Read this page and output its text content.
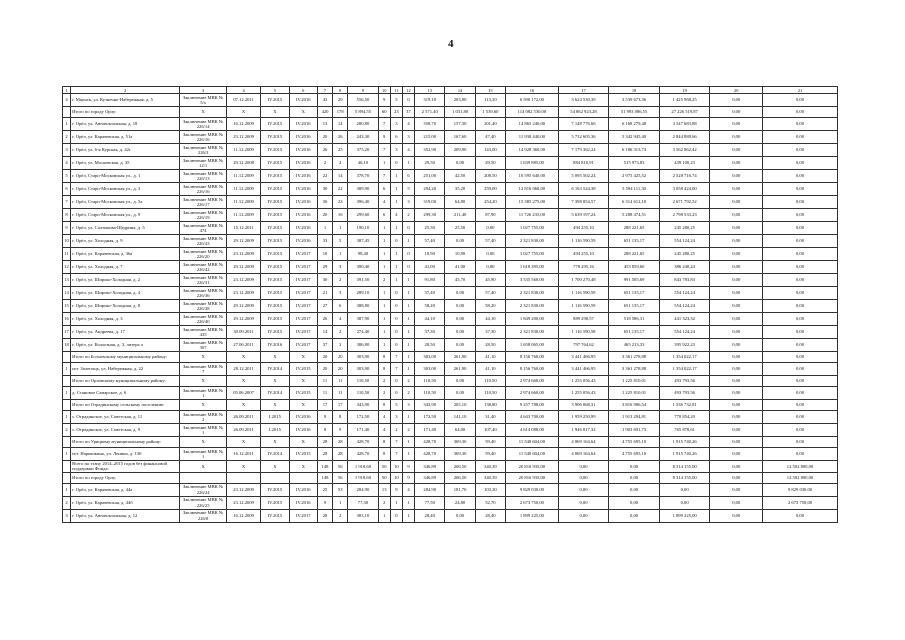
4
1	2	3	4	5	6	7	8	9	10	11	12	13	14	15	16	17	18	19	20	21
4	г. Мценск, ул. Кузнечно-Набережная, д. 5	Заключение МВК № 5/х	07.12.2011	IV.2015	IV.2016	43	29	556,50	9	5	0	319,10	203,80	113,30	6 590 172,00	3 624 530,39	3 539 673,36	1 425 968,25	0,00	0,00
	Итого по городу Орлу:	X	X	X	X	420	178	5 894,55	60	23	37	2 571,40	1 031,80	1 539,60	114 082 530,00	54 862 923,28	51 993 086,55	27 226 519,87	0,00	0,00
1	г. Орёл, ул. Автовокзальная, д. 18	Заключение МВК № 226/14	16.12.2009	IV.2015	IV.2016	13	14	280,80	7	3	4	358,70	157,30	201,40	14 865 240,00	7 148 776,66	6 168 279,48	3 547 683,88	0,00	0,00
2	г. Орёл, ул. Карачевская, д. 51а	Заключение МВК № 226/16	23.12.2009	IV.2015	IV.2016	20	26	243,30	9	6	3	215,00	167,60	47,40	11 930 440,00	5 732 605,36	5 342 945,40	2 844 888,66	0,00	0,00
3	г. Орёл, ул. 6-я Курская, д. 42г	Заключение МВК № 226/3	11.12.2009	IV.2015	IV.2016	26	25	375,20	7	3	4	352,90	209,90	143,00	14 928 360,00	7 179 362,24	6 186 313,74	3 562 862,42	0,00	0,00
4	г. Орёл, ул. Московская, д. 35	Заключение МВК № 12/1	29.12.2008	IV.2015	IV.2016	2	2	46,10	1	0	1	29,50	0,00	29,50	1 639 885,00	884 810,91	515 973,83	439 100,23	0,00	0,00
5	г. Орёл, Старо-Московская ул., д. 1	Заключение МВК № 226/13	11.12.2009	IV.2015	IV.2016	22	14	378,70	7	1	6	251,00	42,50	208,50	10 595 640,00	5 095 502,24	2 975 425,52	2 528 716,74	0,00	0,00
6	г. Орёл, Старо-Московская ул., д. 3	Заключение МВК № 226/16	11.12.2009	IV.2015	IV.2016	30	22	389,90	6	1	5	294,20	35,20	259,00	12 816 060,00	6 163 524,38	5 594 111,30	3 058 424,00	0,00	0,00
7	г. Орёл, Старо-Московская ул., д. 5а	Заключение МВК № 226/17	11.12.2009	IV.2015	IV.2016	30	23	396,40	4	1	3	319,00	64,80	254,20	15 385 275,00	7 398 854,57	6 314 612,10	2 671 792,52	0,00	0,00
8	г. Орёл, Старо-Московская ул., д. 9	Заключение МВК № 226/19	11.12.2009	IV.2015	IV.2016	20	16	299,60	6	4	2	299,30	211,40	87,90	11 726 235,00	5 639 197,24	5 288 474,51	2 798 533,23	0,00	0,00
9	г. Орёл, ул. Салтыкова-Щедрина, д. 5	Заключение МВК № 474	15.12.2011	IV.2015	IV.2016	1	1	190,10	1	1	0	25,50	25,50	0,00	1 027 755,00	494 255,10	288 221,65	245 280,25	0,00	0,00
10	г. Орёл, ул. Холодная, д. 9	Заключение МВК № 226/43	29.12.2009	IV.2015	IV.2016	33	5	387,45	1	0	1	57,40	0,00	57,40	2 321 830,00	1 116 590,59	651 135,17	554 124,24	0,00	0,00
11	г. Орёл, ул. Карачевская, д. 36а	Заключение МВК № 226/20	23.12.2009	IV.2015	IV.2017	10	1	98,40	1	1	0	10,90	10,90	0,00	1 027 755,00	494 255,10	288 221,65	245 280,25	0,00	0,00
12	г. Орёл, ул. Холодная, д. 7	Заключение МВК № 226/42	29.12.2009	IV.2015	IV.2017	29	3	390,40	1	1	0	41,00	41,00	0,00	1 618 395,00	778 295,16	453 859,60	386 240,24	0,00	0,00
13	г. Орёл, ул. Широко-Холодная, д. 2	Заключение МВК № 226/31	23.12.2009	IV.2015	IV.2017	30	2	391,50	2	1	1	91,80	45,70	45,90	3 535 560,00	1 700 270,48	991 505,69	843 783,83	0,00	0,00
14	г. Орёл, ул. Широко-Холодная, д. 4	Заключение МВК № 226/36	23.12.2009	IV.2015	IV.2017	21	3	289,10	1	0	1	57,40	0,00	57,40	2 321 830,00	1 116 590,59	651 135,17	554 124,24	0,00	0,00
15	г. Орёл, ул. Широко-Холодная, д. 8	Заключение МВК № 226/38	29.12.2009	IV.2015	IV.2017	27	6	388,80	1	0	1	58,20	0,00	58,20	2 321 830,00	1 116 590,59	651 135,17	554 124,24	0,00	0,00
16	г. Орёл, ул. Холодная, д. 3	Заключение МВК № 226/40	29.12.2009	IV.2015	IV.2017	26	4	387,90	1	0	1	44,10	0,00	44,10	1 849 200,00	889 290,57	518 586,31	441 323,32	0,00	0,00
17	г. Орёл, ул. Андреева, д. 17	Заключение МВК № 435	30.09.2011	IV.2015	IV.2017	14	2	274,40	1	0	1	37,30	0,00	37,30	2 321 830,00	1 116 590,58	651 135,17	554 124,24	0,00	0,00
18	г. Орёл, ул. Колхозная, д. 3, литера а	Заключение МВК № 307	27.06.2011	IV.2016	IV.2017	37	2	386,80	1	0	1	28,50	0,00	28,50	1 658 065,00	797 764,62	465 213,33	395 922,23	0,00	0,00
	Итого по Болховскому муниципальному району:	X	X	X	X	20	20	303,90	8	7	1	303,00	261,90	41,10	8 156 760,00	3 441 466,95	3 361 278,88	1 354 022,17	0,00	0,00
1	пгт. Залегощь, ул. Набережная, д. 22	Заключение МВК № 7	28.12.2011	IV.2014	IV.2015	20	20	303,90	8	7	1	303,00	261,90	41,10	8 156 760,00	3 441 466,95	3 361 278,88	1 354 022,17	0,00	0,00
	Итого по Орловскому муниципальному району:	X	X	X	X	11	11	110,50	2	0	2	110,50	0,00	110,50	2 974 660,00	1 255 056,43	1 225 810,01	493 793,56	0,00	0,00
1	д. Становое Самарское, д. 6	Заключение МВК № 1	05.06.2007	IV.2014	IV.2015	11	11	110,50	2	0	2	110,50	0,00	110,50	2 974 660,00	1 255 056,43	1 225 810,01	493 793,56	0,00	0,00
	Итого по Отрадинскому сельскому поселению:	X	X	X	X	17	17	343,90	8	5	3	343,90	205,10	138,80	9 257 788,00	3 906 068,31	3 816 986,54	1 536 732,81	0,00	0,00
1	с. Отрадинское, ул. Советская, д. 11	Заключение МВК № 2	26.09.2011	I.2015	IV.2016	9	8	172,50	4	3	1	172,50	141,10	31,40	4 643 700,00	1 959 250,99	1 913 294,81	770 854,20	0,00	0,00
2	с. Отрадинское, ул. Советская, д. 9	Заключение МВК № 1	26.09.2011	I.2015	IV.2016	8	9	171,40	4	2	2	171,40	64,00	107,40	4 614 088,00	1 946 817,32	1 903 691,73	765 878,61	0,00	0,00
	Итого по Урицкому муниципальному району:	X	X	X	X	28	28	428,70	8	7	1	428,70	369,30	59,40	11 540 604,00	4 869 164,64	4 755 695,10	1 915 740,26	0,00	0,00
1	пгт. Нарышкино, ул. Ленина, д. 130	Заключение МВК № 1	16.12.2011	IV.2014	IV.2015	28	28	428,70	8	7	1	428,70	369,30	59,40	11 540 604,00	4 869 164,64	4 755 695,10	1 915 740,26	0,00	0,00
	Всего по этапу 2014–2015 годов без финансовой поддержки Фонда:	X	X	X	X	148	56	1 918,60	50	10	9	346,89	206,50	340,39	20 816 935,00	0,00	0,00	8 314 155,00	0,00	12 502 800,00
	Итого по городу Орлу:					148	56	1 918,60	50	10	9	346,89	206,50	340,39	20 816 935,00	0,00	0,00	8 314 155,00	0,00	12 502 800,00
1	г. Орёл, ул. Карачевская, д. 44а	Заключение МВК № 226/24	23.12.2009	IV.2015	IV.2016	25	53	284,90	13	9	4	284,90	181,70	103,20	9 829 030,00	0,00	0,00	0,00	0,00	9 829 030,00
2	г. Орёл, ул. Карачевская, д. 44б	Заключение МВК № 226/25	23.12.2009	IV.2015	IV.2016	9	1	77,30	2	1	1	77,50	24,80	52,70	2 673 750,00	0,00	0,00	0,00	0,00	2 673 750,00
3	г. Орёл, ул. Автовокзальная, д. 12	Заключение МВК № 226/8	16.12.2009	IV.2015	IV.2017	28	2	383,10	1	0	1	28,40	0,00	28,40	1 899 225,00	0,00	0,00	1 899 225,00	0,00	0,00
